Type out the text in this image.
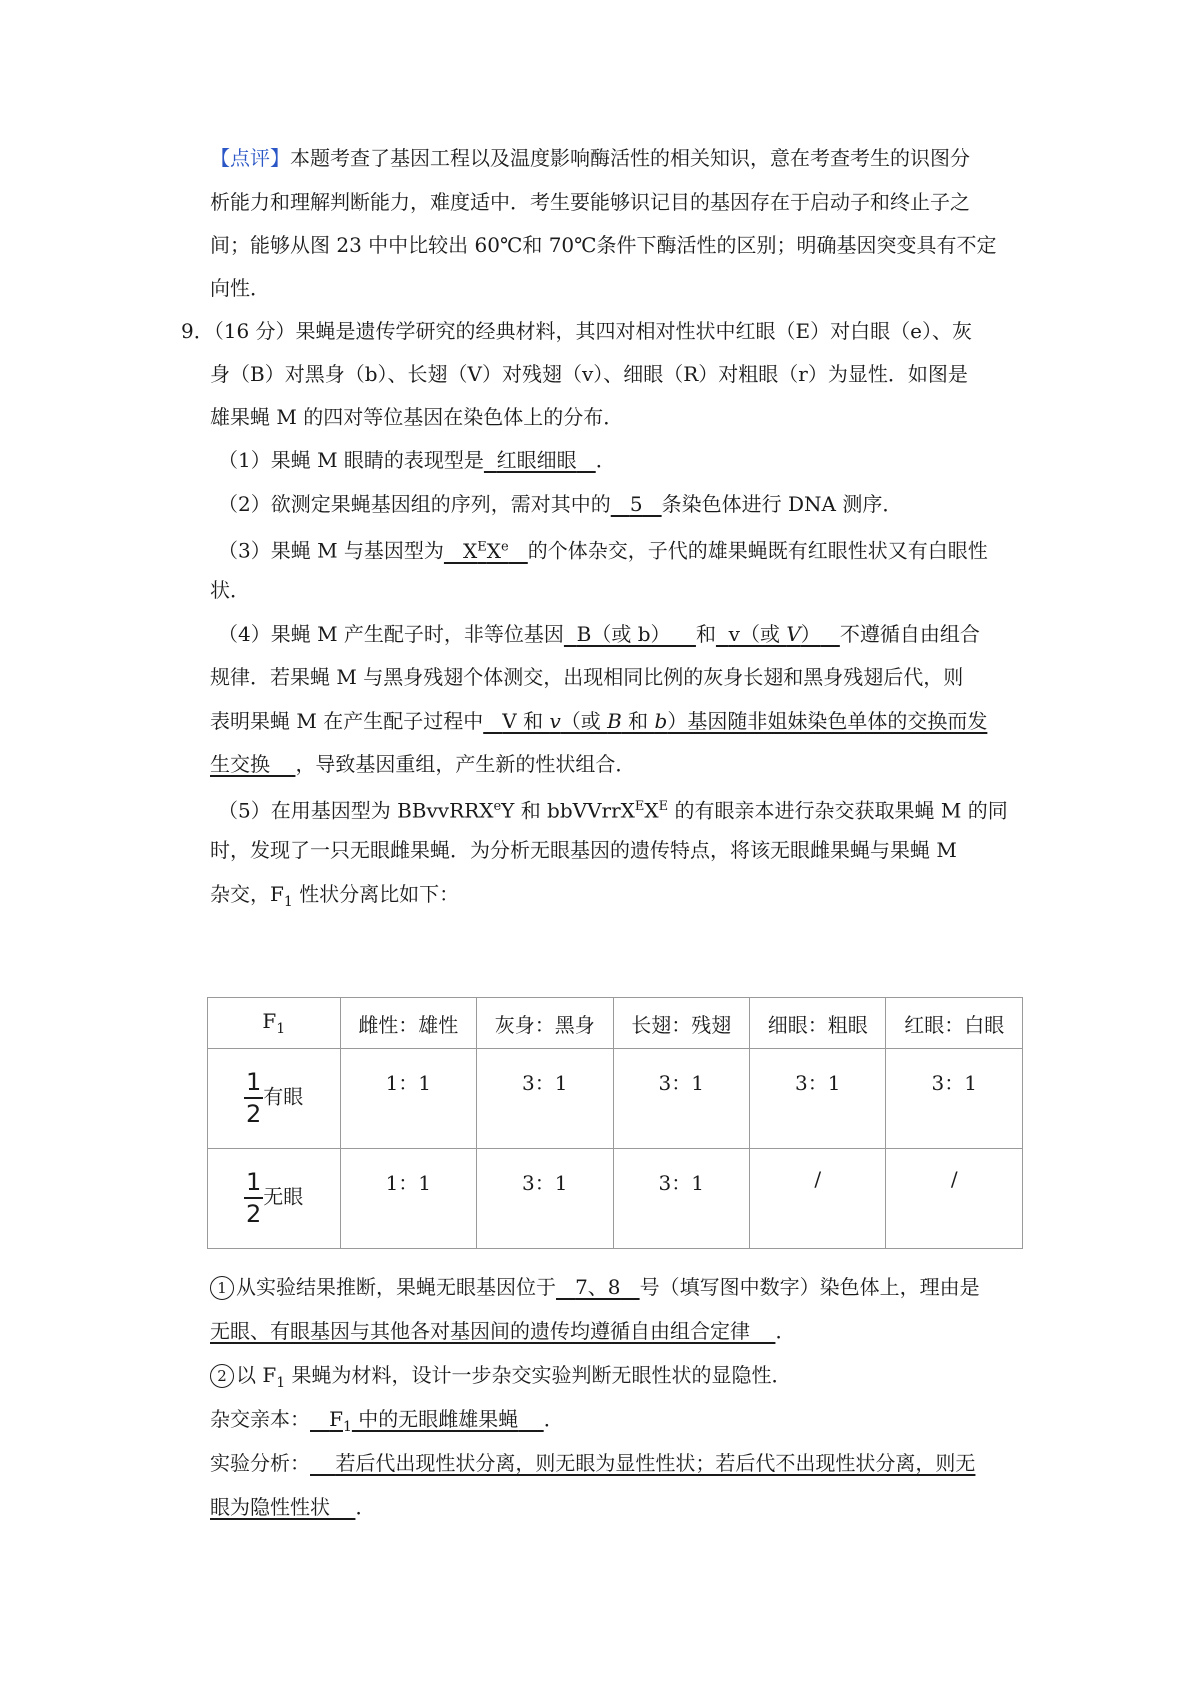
【点评】本题考查了基因工程以及温度影响酶活性的相关知识，意在考查考生的识图分
析能力和理解判断能力，难度适中．考生要能够识记目的基因存在于启动子和终止子之
间；能够从图 23 中中比较出 60℃和 70℃条件下酶活性的区别；明确基因突变具有不定
向性．
9．（16 分）果蝇是遗传学研究的经典材料，其四对相对性状中红眼（E）对白眼（e）、灰
身（B）对黑身（b）、长翅（V）对残翅（v）、细眼（R）对粗眼（r）为显性．如图是
雄果蝇 M 的四对等位基因在染色体上的分布．
（1）果蝇 M 眼睛的表现型是 红眼细眼 ．
（2）欲测定果蝇基因组的序列，需对其中的 5 条染色体进行 DNA 测序．
（3）果蝇 M 与基因型为 $X^EXe$ 的个体杂交，子代的雄果蝇既有红眼性状又有白眼性
状．
（4）果蝇 M 产生配子时，非等位基因 B（或 b） 和 v（或 V） 不遵循自由组合
规律．若果蝇 M 与黑身残翅个体测交，出现相同比例的灰身长翅和黑身残翅后代，则
表明果蝇 M 在产生配子过程中 V 和 v（或 B 和 b）基因随非姐妹染色单体的交换而发
生交换 ，导致基因重组，产生新的性状组合．
（5）在用基因型为 BBvvRRX$^e$Y 和 $bbVVrrX^EX^E$ 的有眼亲本进行杂交获取果蝇 M 的同
时，发现了一只无眼雌果蝇．为分析无眼基因的遗传特点，将该无眼雌果蝇与果蝇 M
杂交，$F_1$ 性状分离比如下：
$F_1$	雌性：雄性	灰身：黑身	长翅：残翅	细眼：粗眼	红眼：白眼

$\frac{1}{2}$ 有眼	1：1	3：1	3：1	3：1	3：1

$\frac{1}{2}$ 无眼	1：1	3：1	3：1	/	/
1 从实验结果推断，果蝇无眼基因位于 7、8 号（填写图中数字）染色体上，理由是
无眼、有眼基因与其他各对基因间的遗传均遵循自由组合定律 ．
2 以 $F_1$ 果蝇为材料，设计一步杂交实验判断无眼性状的显隐性．
杂交亲本： $F_1$ 中的无眼雌雄果蝇 ．
实验分析： 若后代出现性状分离，则无眼为显性性状；若后代不出现性状分离，则无
眼为隐性性状 ．
